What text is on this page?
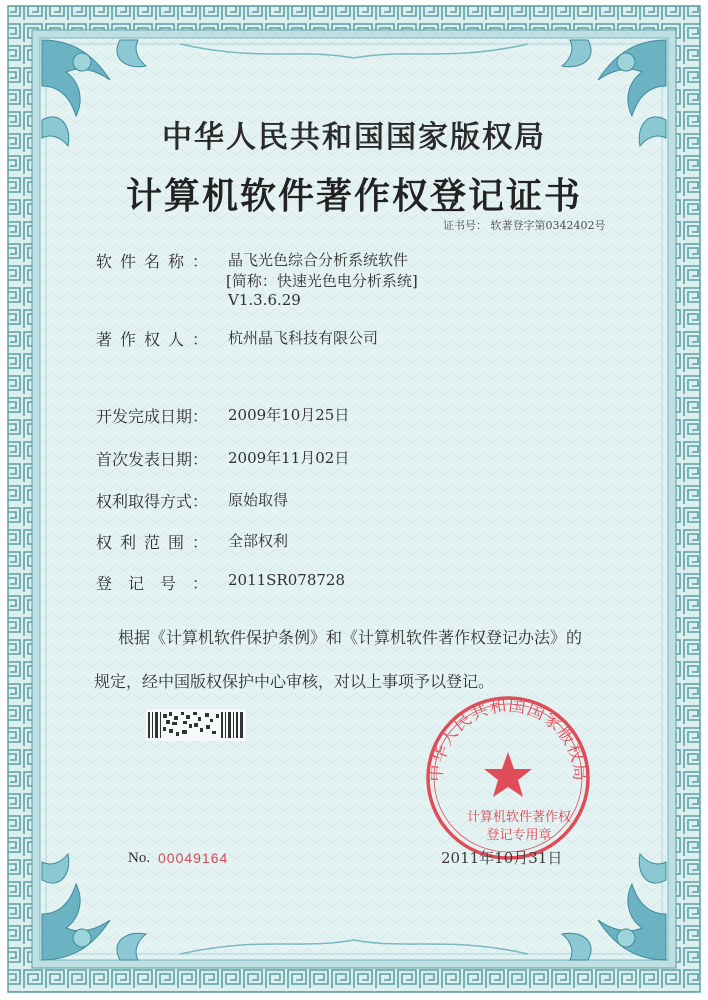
中华人民共和国国家版权局
中华人民共和国国家版权局
计算机软件著作权登记证书
证书号： 软著登字第0342402号
软件名称： 晶飞光色综合分析系统软件
[简称：快速光色电分析系统]
V1.3.6.29
著作权人： 杭州晶飞科技有限公司
开发完成日期： 2009年10月25日
首次发表日期： 2009年11月02日
权利取得方式： 原始取得
权利范围： 全部权利
登记号： 2011SR078728
根据《计算机软件保护条例》和《计算机软件著作权登记办法》的
规定，经中国版权保护中心审核，对以上事项予以登记。
计算机软件著作权
登记专用章
No. 00049164	2011年10月31日
